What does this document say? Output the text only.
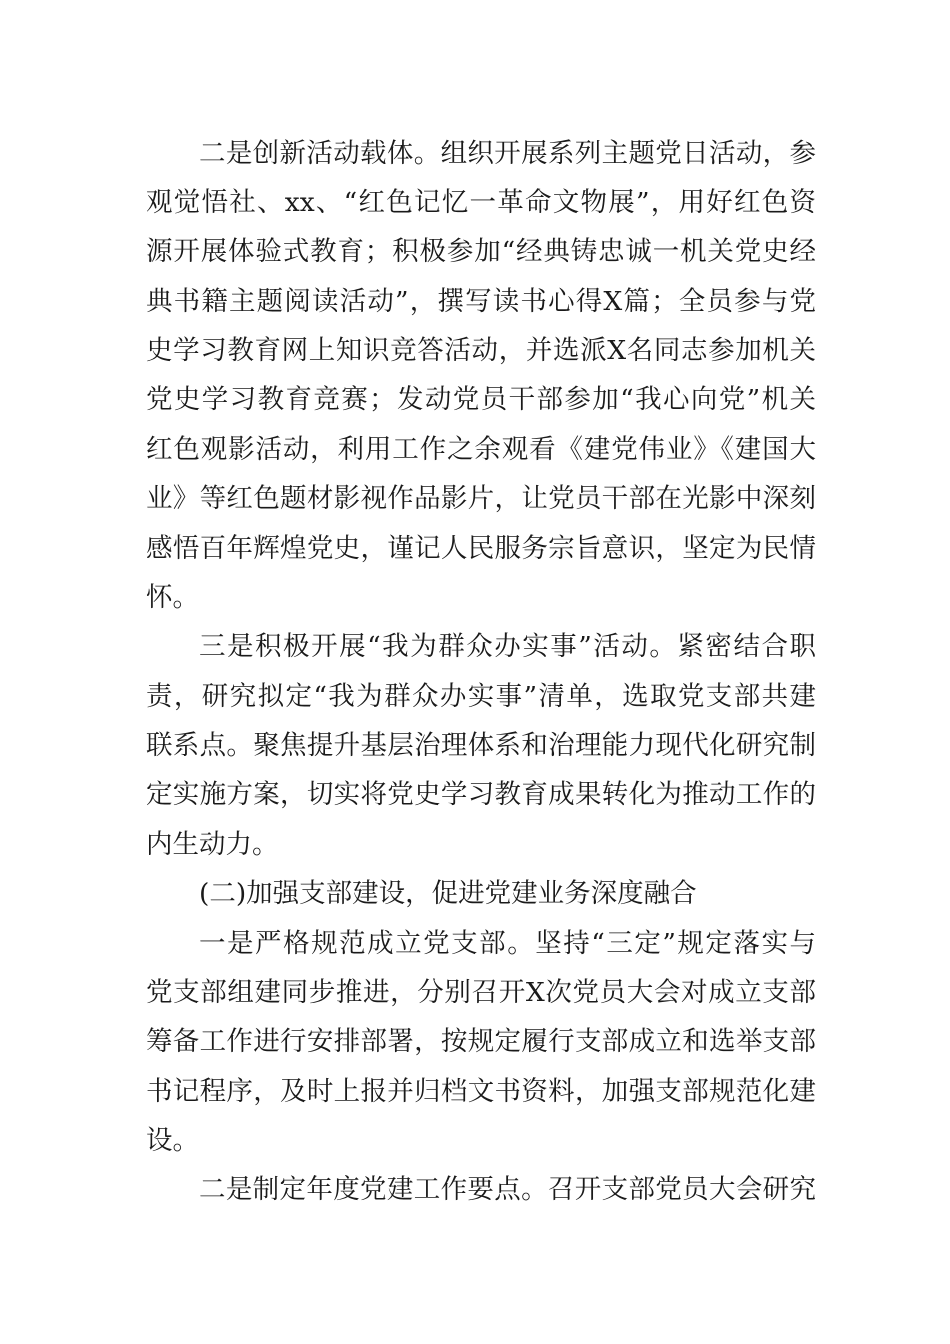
二是创新活动载体。组织开展系列主题党日活动，参
观觉悟社、xx、“红色记忆一革命文物展”，用好红色资
源开展体验式教育；积极参加“经典铸忠诚一机关党史经
典书籍主题阅读活动”，撰写读书心得X篇；全员参与党
史学习教育网上知识竞答活动，并选派X名同志参加机关
党史学习教育竞赛；发动党员干部参加“我心向党”机关
红色观影活动，利用工作之余观看《建党伟业》《建国大
业》等红色题材影视作品影片，让党员干部在光影中深刻
感悟百年辉煌党史，谨记人民服务宗旨意识，坚定为民情
怀。
三是积极开展“我为群众办实事”活动。紧密结合职
责，研究拟定“我为群众办实事”清单，选取党支部共建
联系点。聚焦提升基层治理体系和治理能力现代化研究制
定实施方案，切实将党史学习教育成果转化为推动工作的
内生动力。
(二)加强支部建设，促进党建业务深度融合
一是严格规范成立党支部。坚持“三定”规定落实与
党支部组建同步推进，分别召开X次党员大会对成立支部
筹备工作进行安排部署，按规定履行支部成立和选举支部
书记程序，及时上报并归档文书资料，加强支部规范化建
设。
二是制定年度党建工作要点。召开支部党员大会研究
